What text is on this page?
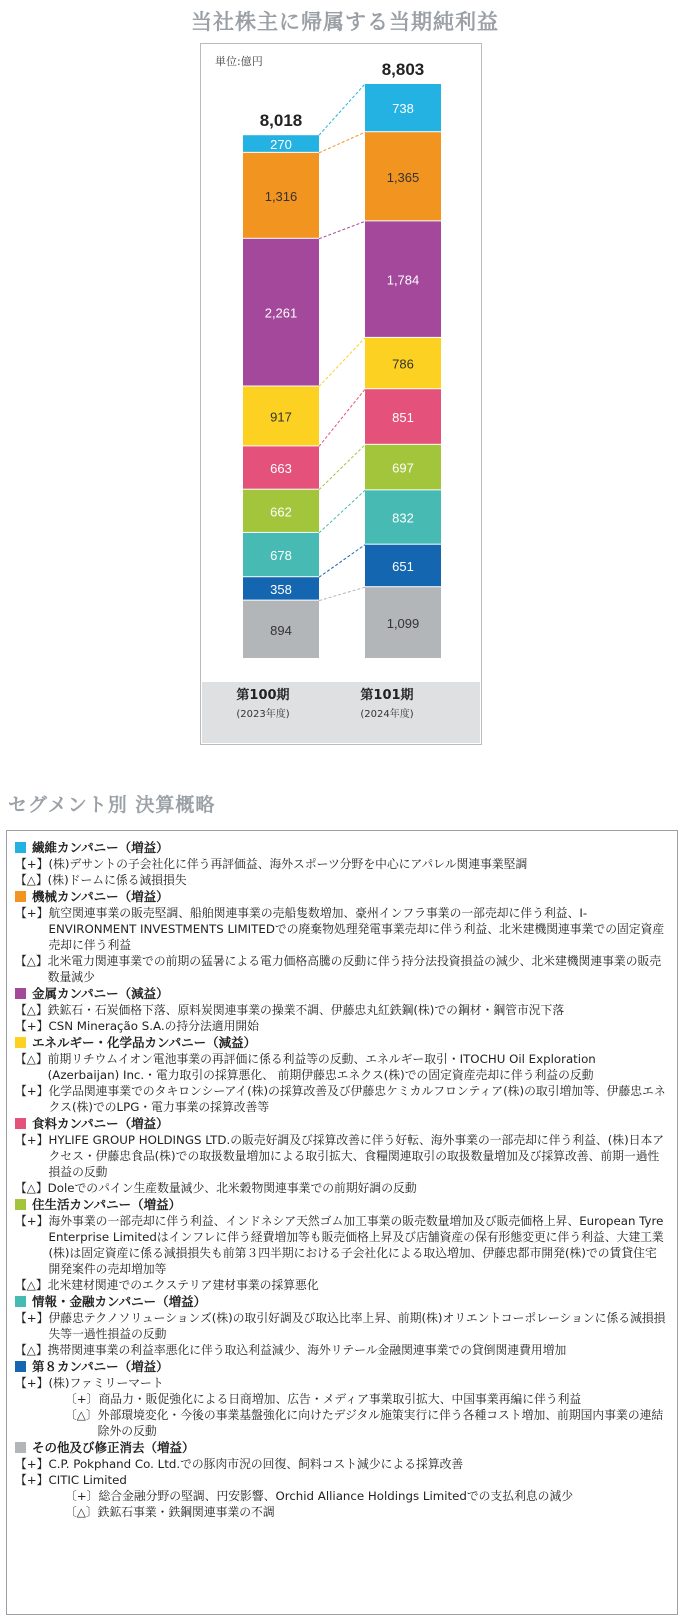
当社株主に帰属する当期純利益
単位:億円
894
358
678
662
663
917
2,261
1,316
270
8,018
1,099
651
832
697
851
786
1,784
1,365
738
8,803
第100期
(2023年度)
第101期
(2024年度)
セグメント別 決算概略
繊維カンパニー（増益）
【+】 (株)デサントの子会社化に伴う再評価益、海外スポーツ分野を中心にアパレル関連事業堅調
【△】 (株)ドームに係る減損損失
機械カンパニー（増益）
【+】 航空関連事業の販売堅調、船舶関連事業の売船隻数増加、豪州インフラ事業の一部売却に伴う利益、I-ENVIRONMENT INVESTMENTS LIMITEDでの廃棄物処理発電事業売却に伴う利益、北米建機関連事業での固定資産売却に伴う利益
【△】 北米電力関連事業での前期の猛暑による電力価格高騰の反動に伴う持分法投資損益の減少、北米建機関連事業の販売数量減少
金属カンパニー（減益）
【△】 鉄鉱石・石炭価格下落、原料炭関連事業の操業不調、伊藤忠丸紅鉄鋼(株)での鋼材・鋼管市況下落
【+】 CSN Mineração S.A.の持分法適用開始
エネルギー・化学品カンパニー（減益）
【△】 前期リチウムイオン電池事業の再評価に係る利益等の反動、エネルギー取引・ITOCHU Oil Exploration (Azerbaijan) Inc.・電力取引の採算悪化、 前期伊藤忠エネクス(株)での固定資産売却に伴う利益の反動
【+】 化学品関連事業でのタキロンシーアイ(株)の採算改善及び伊藤忠ケミカルフロンティア(株)の取引増加等、伊藤忠エネクス(株)でのLPG・電力事業の採算改善等
食料カンパニー（増益）
【+】 HYLIFE GROUP HOLDINGS LTD.の販売好調及び採算改善に伴う好転、海外事業の一部売却に伴う利益、(株)日本アクセス・伊藤忠食品(株)での取扱数量増加による取引拡大、食糧関連取引の取扱数量増加及び採算改善、前期一過性損益の反動
【△】 Doleでのパイン生産数量減少、北米穀物関連事業での前期好調の反動
住生活カンパニー（増益）
【+】 海外事業の一部売却に伴う利益、インドネシア天然ゴム加工事業の販売数量増加及び販売価格上昇、European Tyre Enterprise Limitedはインフレに伴う経費増加等も販売価格上昇及び店舗資産の保有形態変更に伴う利益、大建工業(株)は固定資産に係る減損損失も前第３四半期における子会社化による取込増加、伊藤忠都市開発(株)での賃貸住宅開発案件の売却増加等
【△】 北米建材関連でのエクステリア建材事業の採算悪化
情報・金融カンパニー（増益）
【+】 伊藤忠テクノソリューションズ(株)の取引好調及び取込比率上昇、前期(株)オリエントコーポレーションに係る減損損失等一過性損益の反動
【△】 携帯関連事業の利益率悪化に伴う取込利益減少、海外リテール金融関連事業での貸倒関連費用増加
第８カンパニー（増益）
【+】 (株)ファミリーマート
〔+〕 商品力・販促強化による日商増加、広告・メディア事業取引拡大、中国事業再編に伴う利益
〔△〕 外部環境変化・今後の事業基盤強化に向けたデジタル施策実行に伴う各種コスト増加、前期国内事業の連結除外の反動
その他及び修正消去（増益）
【+】 C.P. Pokphand Co. Ltd.での豚肉市況の回復、飼料コスト減少による採算改善
【+】 CITIC Limited
〔+〕 総合金融分野の堅調、円安影響、Orchid Alliance Holdings Limitedでの支払利息の減少
〔△〕 鉄鉱石事業・鉄鋼関連事業の不調
